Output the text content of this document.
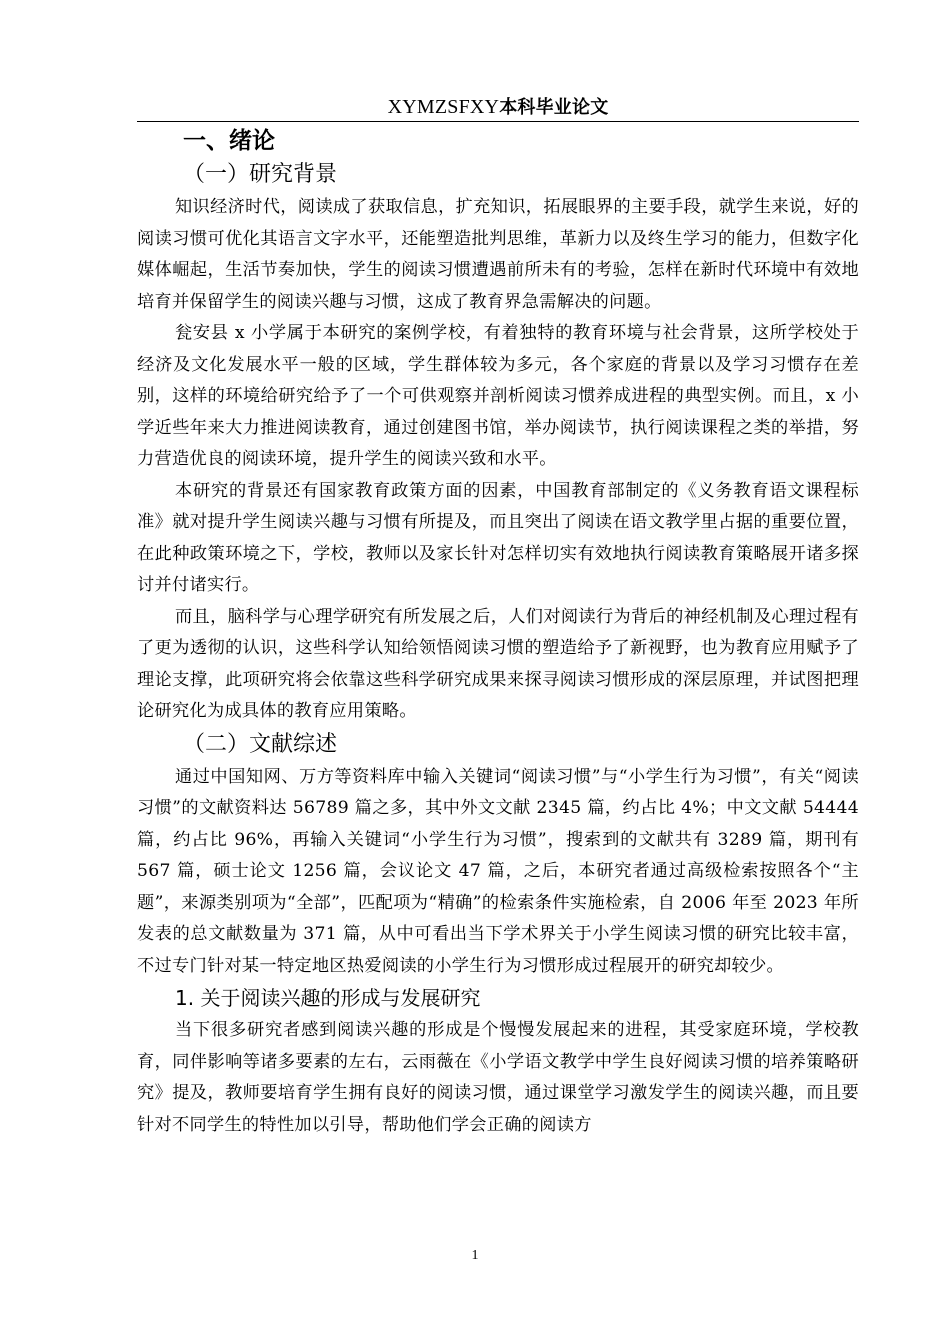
XYMZSFXY本科毕业论文
一、绪论
（一）研究背景

知识经济时代，阅读成了获取信息，扩充知识，拓展眼界的主要手段，就学生来说，好的阅读习惯可优化其语言文字水平，还能塑造批判思维，革新力以及终生学习的能力，但数字化媒体崛起，生活节奏加快，学生的阅读习惯遭遇前所未有的考验，怎样在新时代环境中有效地培育并保留学生的阅读兴趣与习惯，这成了教育界急需解决的问题。

瓮安县 x 小学属于本研究的案例学校，有着独特的教育环境与社会背景，这所学校处于经济及文化发展水平一般的区域，学生群体较为多元，各个家庭的背景以及学习习惯存在差别，这样的环境给研究给予了一个可供观察并剖析阅读习惯养成进程的典型实例。而且，x 小学近些年来大力推进阅读教育，通过创建图书馆，举办阅读节，执行阅读课程之类的举措，努力营造优良的阅读环境，提升学生的阅读兴致和水平。

本研究的背景还有国家教育政策方面的因素，中国教育部制定的《义务教育语文课程标准》就对提升学生阅读兴趣与习惯有所提及，而且突出了阅读在语文教学里占据的重要位置，在此种政策环境之下，学校，教师以及家长针对怎样切实有效地执行阅读教育策略展开诸多探讨并付诸实行。

而且，脑科学与心理学研究有所发展之后，人们对阅读行为背后的神经机制及心理过程有了更为透彻的认识，这些科学认知给领悟阅读习惯的塑造给予了新视野，也为教育应用赋予了理论支撑，此项研究将会依靠这些科学研究成果来探寻阅读习惯形成的深层原理，并试图把理论研究化为成具体的教育应用策略。

（二）文献综述

通过中国知网、万方等资料库中输入关键词“阅读习惯”与“小学生行为习惯”，有关“阅读习惯”的文献资料达 56789 篇之多，其中外文文献 2345 篇，约占比 4%；中文文献 54444 篇，约占比 96%，再输入关键词“小学生行为习惯”，搜索到的文献共有 3289 篇，期刊有 567 篇，硕士论文 1256 篇，会议论文 47 篇，之后，本研究者通过高级检索按照各个“主题”，来源类别项为“全部”，匹配项为“精确”的检索条件实施检索，自 2006 年至 2023 年所发表的总文献数量为 371 篇，从中可看出当下学术界关于小学生阅读习惯的研究比较丰富，不过专门针对某一特定地区热爱阅读的小学生行为习惯形成过程展开的研究却较少。

1. 关于阅读兴趣的形成与发展研究

当下很多研究者感到阅读兴趣的形成是个慢慢发展起来的进程，其受家庭环境，学校教育，同伴影响等诸多要素的左右，云雨薇在《小学语文教学中学生良好阅读习惯的培养策略研究》提及，教师要培育学生拥有良好的阅读习惯，通过课堂学习激发学生的阅读兴趣，而且要针对不同学生的特性加以引导，帮助他们学会正确的阅读方

1
